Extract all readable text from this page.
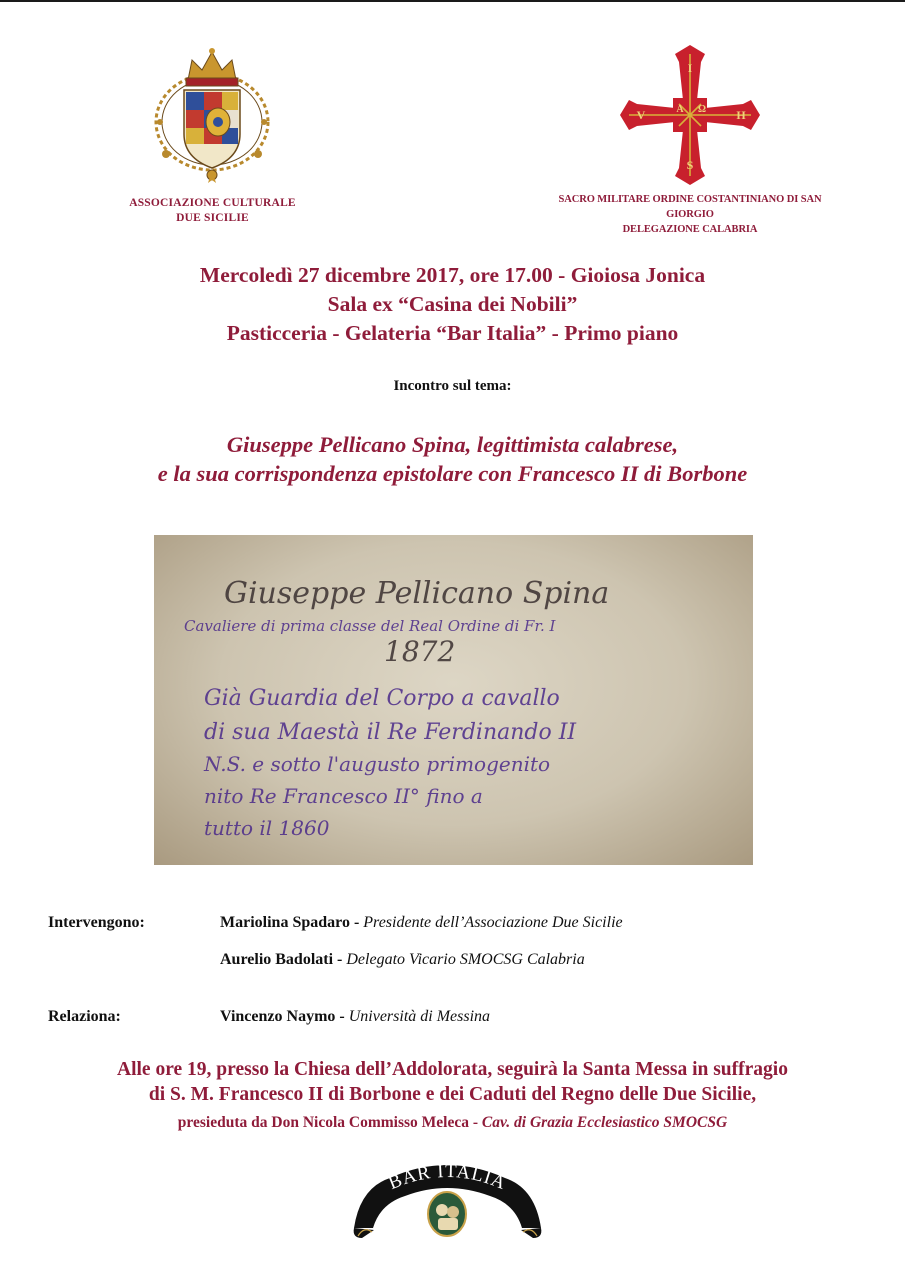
I
S
V	H
A Ω
ASSOCIAZIONE CULTURALE
DUE SICILIE
SACRO MILITARE ORDINE COSTANTINIANO DI SAN GIORGIO
DELEGAZIONE CALABRIA
Mercoledì 27 dicembre 2017, ore 17.00 - Gioiosa Jonica
Sala ex “Casina dei Nobili”
Pasticceria - Gelateria “Bar Italia” - Primo piano
Incontro sul tema:
Giuseppe Pellicano Spina, legittimista calabrese,
e la sua corrispondenza epistolare con Francesco II di Borbone
Giuseppe Pellicano Spina
Cavaliere di prima classe del Real Ordine di Fr. I
1872
Già Guardia del Corpo a cavallo
di sua Maestà il Re Ferdinando II
N.S. e sotto l'augusto primogenito
nito Re Francesco II° fino a
tutto il 1860
Intervengono:	Mariolina Spadaro - Presidente dell’Associazione Due Sicilie
Aurelio Badolati - Delegato Vicario SMOCSG Calabria
Relaziona:	Vincenzo Naymo - Università di Messina
Alle ore 19, presso la Chiesa dell’Addolorata, seguirà la Santa Messa in suffragio
di S. M. Francesco II di Borbone e dei Caduti del Regno delle Due Sicilie,
presieduta da Don Nicola Commisso Meleca - Cav. di Grazia Ecclesiastico SMOCSG
BAR ITALIA
